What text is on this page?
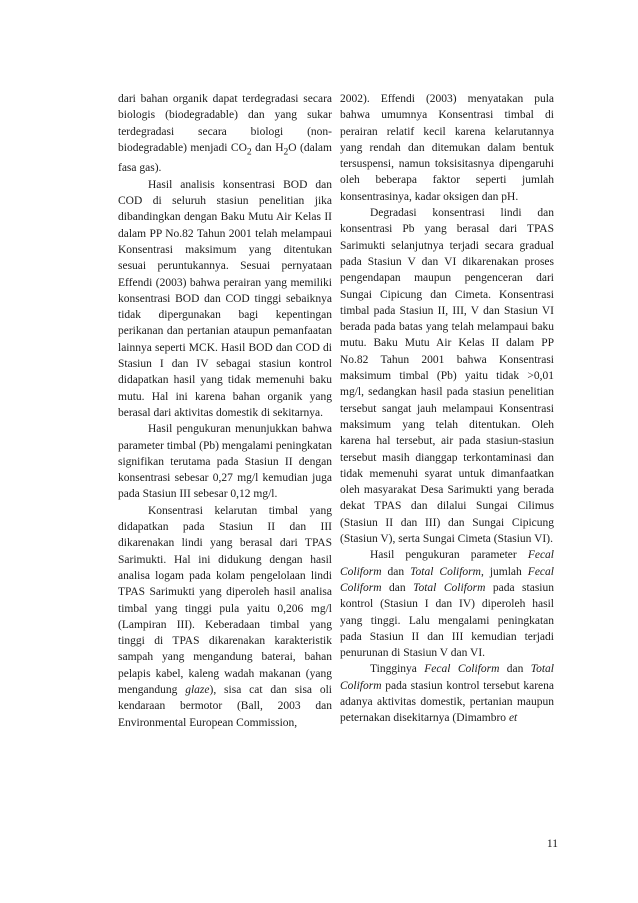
dari bahan organik dapat terdegradasi secara biologis (biodegradable) dan yang sukar terdegradasi secara biologi (non-biodegradable) menjadi $CO_2$ dan $H_2O$ (dalam fasa gas).

Hasil analisis konsentrasi BOD dan COD di seluruh stasiun penelitian jika dibandingkan dengan Baku Mutu Air Kelas II dalam PP No.82 Tahun 2001 telah melampaui Konsentrasi maksimum yang ditentukan sesuai peruntukannya. Sesuai pernyataan Effendi (2003) bahwa perairan yang memiliki konsentrasi BOD dan COD tinggi sebaiknya tidak dipergunakan bagi kepentingan perikanan dan pertanian ataupun pemanfaatan lainnya seperti MCK. Hasil BOD dan COD di Stasiun I dan IV sebagai stasiun kontrol didapatkan hasil yang tidak memenuhi baku mutu. Hal ini karena bahan organik yang berasal dari aktivitas domestik di sekitarnya.

Hasil pengukuran menunjukkan bahwa parameter timbal (Pb) mengalami peningkatan signifikan terutama pada Stasiun II dengan konsentrasi sebesar 0,27 mg/l kemudian juga pada Stasiun III sebesar 0,12 mg/l.

Konsentrasi kelarutan timbal yang didapatkan pada Stasiun II dan III dikarenakan lindi yang berasal dari TPAS Sarimukti. Hal ini didukung dengan hasil analisa logam pada kolam pengelolaan lindi TPAS Sarimukti yang diperoleh hasil analisa timbal yang tinggi pula yaitu 0,206 mg/l (Lampiran III). Keberadaan timbal yang tinggi di TPAS dikarenakan karakteristik sampah yang mengandung baterai, bahan pelapis kabel, kaleng wadah makanan (yang mengandung glaze), sisa cat dan sisa oli kendaraan bermotor (Ball, 2003 dan Environmental European Commission,

2002). Effendi (2003) menyatakan pula bahwa umumnya Konsentrasi timbal di perairan relatif kecil karena kelarutannya yang rendah dan ditemukan dalam bentuk tersuspensi, namun toksisitasnya dipengaruhi oleh beberapa faktor seperti jumlah konsentrasinya, kadar oksigen dan pH.

Degradasi konsentrasi lindi dan konsentrasi Pb yang berasal dari TPAS Sarimukti selanjutnya terjadi secara gradual pada Stasiun V dan VI dikarenakan proses pengendapan maupun pengenceran dari Sungai Cipicung dan Cimeta. Konsentrasi timbal pada Stasiun II, III, V dan Stasiun VI berada pada batas yang telah melampaui baku mutu. Baku Mutu Air Kelas II dalam PP No.82 Tahun 2001 bahwa Konsentrasi maksimum timbal (Pb) yaitu tidak >0,01 mg/l, sedangkan hasil pada stasiun penelitian tersebut sangat jauh melampaui Konsentrasi maksimum yang telah ditentukan. Oleh karena hal tersebut, air pada stasiun-stasiun tersebut masih dianggap terkontaminasi dan tidak memenuhi syarat untuk dimanfaatkan oleh masyarakat Desa Sarimukti yang berada dekat TPAS dan dilalui Sungai Cilimus (Stasiun II dan III) dan Sungai Cipicung (Stasiun V), serta Sungai Cimeta (Stasiun VI).

Hasil pengukuran parameter Fecal Coliform dan Total Coliform, jumlah Fecal Coliform dan Total Coliform pada stasiun kontrol (Stasiun I dan IV) diperoleh hasil yang tinggi. Lalu mengalami peningkatan pada Stasiun II dan III kemudian terjadi penurunan di Stasiun V dan VI.

Tingginya Fecal Coliform dan Total Coliform pada stasiun kontrol tersebut karena adanya aktivitas domestik, pertanian maupun peternakan disekitarnya (Dimambro et

11
